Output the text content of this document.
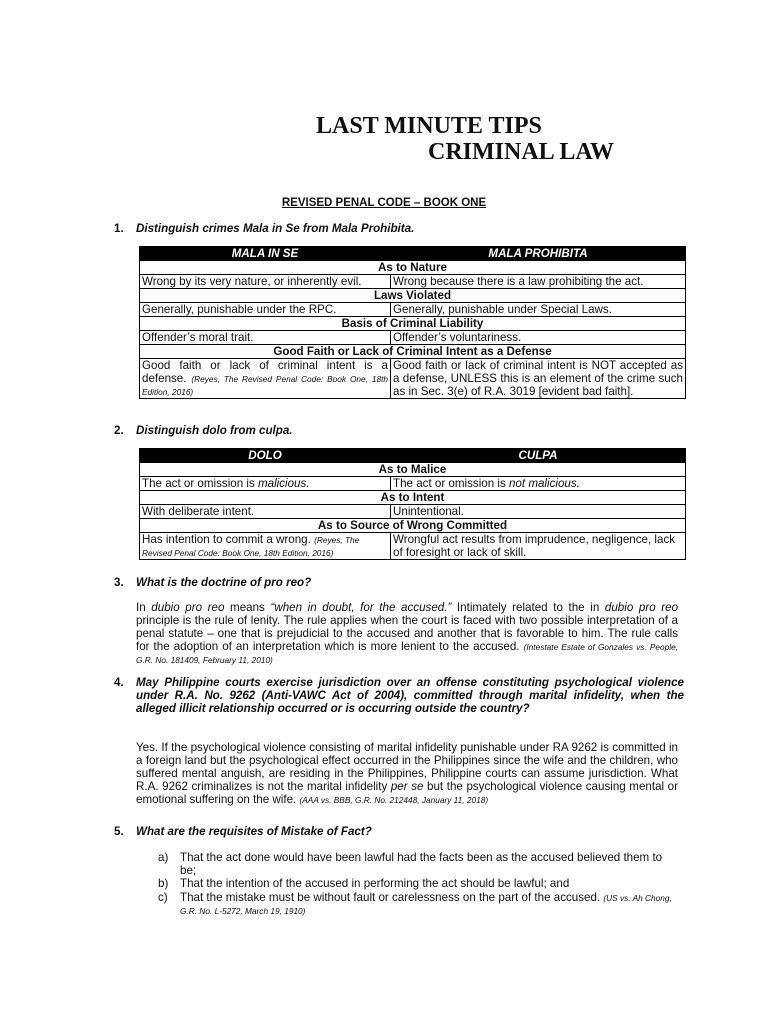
LAST MINUTE TIPS
CRIMINAL LAW
REVISED PENAL CODE – BOOK ONE
1.	Distinguish crimes Mala in Se from Mala Prohibita.
MALA IN SE	MALA PROHIBITA
As to Nature	
Wrong by its very nature, or inherently evil.	Wrong because there is a law prohibiting the act.
Laws Violated	
Generally, punishable under the RPC.	Generally, punishable under Special Laws.
Basis of Criminal Liability	
Offender’s moral trait.	Offender’s voluntariness.
Good Faith or Lack of Criminal Intent as a Defense	
Good faith or lack of criminal intent is a defense. (Reyes, The Revised Penal Code: Book One, 18th Edition, 2016)	Good faith or lack of criminal intent is NOT accepted as a defense, UNLESS this is an element of the crime such as in Sec. 3(e) of R.A. 3019 [evident bad faith].
2.	Distinguish dolo from culpa.
DOLO	CULPA
As to Malice	
The act or omission is malicious.	The act or omission is not malicious.
As to Intent	
With deliberate intent.	Unintentional.
As to Source of Wrong Committed	
Has intention to commit a wrong. (Reyes, The Revised Penal Code: Book One, 18th Edition, 2016)	Wrongful act results from imprudence, negligence, lack of foresight or lack of skill.
3.	What is the doctrine of pro reo?
In dubio pro reo means “when in doubt, for the accused.” Intimately related to the in dubio pro reo principle is the rule of lenity. The rule applies when the court is faced with two possible interpretation of a penal statute – one that is prejudicial to the accused and another that is favorable to him. The rule calls for the adoption of an interpretation which is more lenient to the accused. (Intestate Estate of Gonzales vs. People, G.R. No. 181409, February 11, 2010)
4.	May Philippine courts exercise jurisdiction over an offense constituting psychological violence under R.A. No. 9262 (Anti-VAWC Act of 2004), committed through marital infidelity, when the alleged illicit relationship occurred or is occurring outside the country?
Yes. If the psychological violence consisting of marital infidelity punishable under RA 9262 is committed in a foreign land but the psychological effect occurred in the Philippines since the wife and the children, who suffered mental anguish, are residing in the Philippines, Philippine courts can assume jurisdiction. What R.A. 9262 criminalizes is not the marital infidelity per se but the psychological violence causing mental or emotional suffering on the wife. (AAA vs. BBB, G.R. No. 212448, January 11, 2018)
5.	What are the requisites of Mistake of Fact?
a)	That the act done would have been lawful had the facts been as the accused believed them to be;
b)	That the intention of the accused in performing the act should be lawful; and
c)	That the mistake must be without fault or carelessness on the part of the accused. (US vs. Ah Chong, G.R. No. L-5272, March 19, 1910)
